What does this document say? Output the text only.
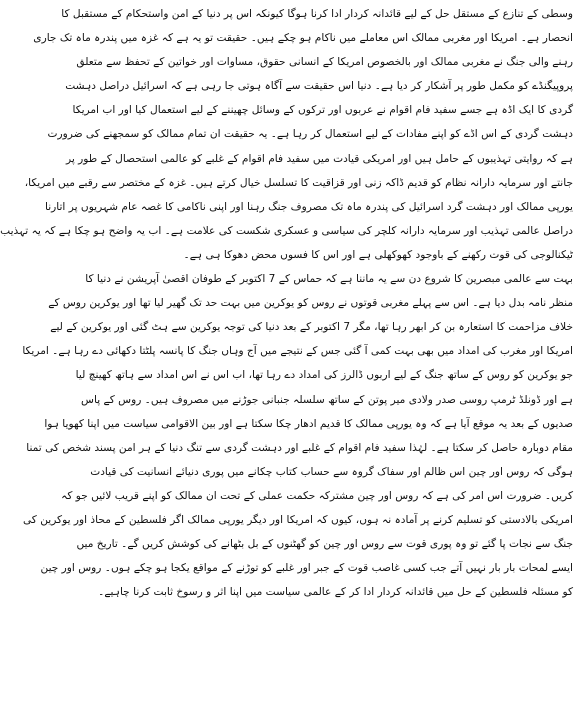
وسطی کے تنازع کے مستقل حل کے لیے قائدانہ کردار ادا کرنا ہوگا کیونکہ اس پر دنیا کے امن واستحکام کے مستقبل کا
انحصار ہے۔ امریکا اور مغربی ممالک اس معاملے میں ناکام ہو چکے ہیں۔ حقیقت تو یہ ہے کہ غزہ میں پندرہ ماہ تک جاری
رہنے والی جنگ نے مغربی ممالک اور بالخصوص امریکا کے انسانی حقوق، مساوات اور خواتین کے تحفظ سے متعلق
پروپیگنڈے کو مکمل طور پر آشکار کر دیا ہے۔ دنیا اس حقیقت سے آگاہ ہوتی جا رہی ہے کہ اسرائیل دراصل دہشت
گردی کا ایک اڈہ ہے جسے سفید فام اقوام نے عربوں اور ترکوں کے وسائل چھیننے کے لیے استعمال کیا اور اب امریکا
دہشت گردی کے اس اڈے کو اپنے مفادات کے لیے استعمال کر رہا ہے۔ یہ حقیقت ان تمام ممالک کو سمجھنے کی ضرورت
ہے کہ روایتی تہذیبوں کے حامل ہیں اور امریکی قیادت میں سفید فام اقوام کے غلبے کو عالمی استحصال کے طور پر
جانتے اور سرمایہ دارانہ نظام کو قدیم ڈاکہ زنی اور قزاقیت کا تسلسل خیال کرتے ہیں۔ غزہ کے مختصر سے رقبے میں امریکا،
یورپی ممالک اور دہشت گرد اسرائیل کی پندرہ ماہ تک مصروف جنگ رہنا اور اپنی ناکامی کا غصہ عام شہریوں پر اتارنا
دراصل عالمی تہذیب اور سرمایہ دارانہ کلچر کی سیاسی و عسکری شکست کی علامت ہے۔ اب یہ واضح ہو چکا ہے کہ یہ تہذیب
ٹیکنالوجی کی قوت رکھنے کے باوجود کھوکھلی ہے اور اس کا فسوں محض دھوکا ہی ہے۔
بہت سے عالمی مبصرین کا شروع دن سے یہ ماننا ہے کہ حماس کے 7 اکتوبر کے طوفان اقصیٰ آپریشن نے دنیا کا
منظر نامہ بدل دیا ہے۔ اس سے پہلے مغربی قوتوں نے روس کو یوکرین میں بہت حد تک گھیر لیا تھا اور یوکرین روس کے
خلاف مزاحمت کا استعارہ بن کر ابھر رہا تھا، مگر 7 اکتوبر کے بعد دنیا کی توجہ یوکرین سے ہٹ گئی اور یوکرین کے لیے
امریکا اور مغرب کی امداد میں بھی بہت کمی آ گئی جس کے نتیجے میں آج وہاں جنگ کا پانسہ پلٹتا دکھائی دے رہا ہے۔ امریکا
جو یوکرین کو روس کے ساتھ جنگ کے لیے اربوں ڈالرز کی امداد دے رہا تھا، اب اس نے اس امداد سے ہاتھ کھینچ لیا
ہے اور ڈونلڈ ٹرمپ روسی صدر ولادی میر پوتن کے ساتھ سلسلہ جنبانی جوڑنے میں مصروف ہیں۔ روس کے پاس
صدیوں کے بعد یہ موقع آیا ہے کہ وہ یورپی ممالک کا قدیم ادھار چکا سکتا ہے اور بین الاقوامی سیاست میں اپنا کھویا ہوا
مقام دوبارہ حاصل کر سکتا ہے۔ لہٰذا سفید فام اقوام کے غلبے اور دہشت گردی سے تنگ دنیا کے ہر امن پسند شخص کی تمنا
ہوگی کہ روس اور چین اس ظالم اور سفاک گروہ سے حساب کتاب چکانے میں پوری دنیائے انسانیت کی قیادت
کریں۔ ضرورت اس امر کی ہے کہ روس اور چین مشترکہ حکمت عملی کے تحت ان ممالک کو اپنے قریب لائیں جو کہ
امریکی بالادستی کو تسلیم کرنے پر آمادہ نہ ہوں، کیوں کہ امریکا اور دیگر یورپی ممالک اگر فلسطین کے محاذ اور یوکرین کی
جنگ سے نجات پا گئے تو وہ پوری قوت سے روس اور چین کو گھٹنوں کے بل بٹھانے کی کوشش کریں گے۔ تاریخ میں
ایسے لمحات بار بار نہیں آتے جب کسی غاصب قوت کے جبر اور غلبے کو توڑنے کے مواقع یکجا ہو چکے ہوں۔ روس اور چین
کو مسئلہ فلسطین کے حل میں قائدانہ کردار ادا کر کے عالمی سیاست میں اپنا اثر و رسوخ ثابت کرنا چاہیے۔
